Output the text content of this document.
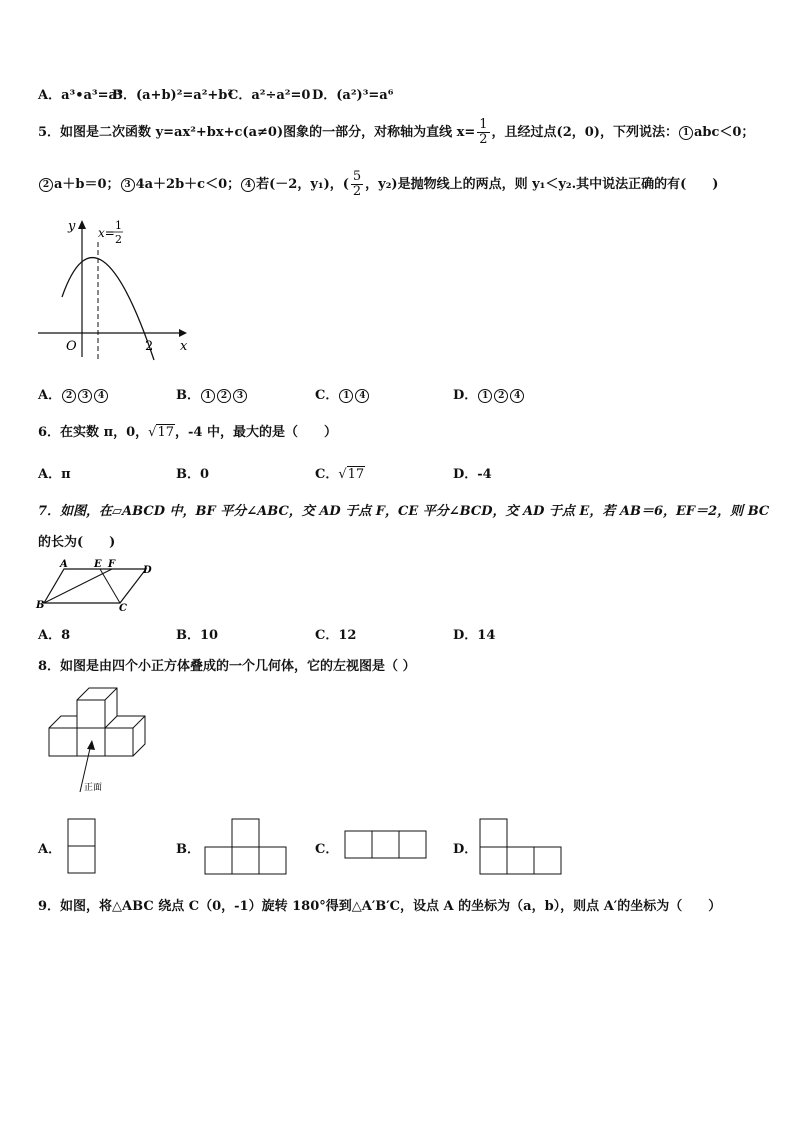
A．a³•a³=a⁹
B．(a+b)²=a²+b²
C．a²÷a²=0 D．(a²)³=a⁶
5．如图是二次函数 y=ax²+bx+c(a≠0)图象的一部分，对称轴为直线 $x= \frac{1}{2}$ ，且经过点(2，0)，下列说法： 1 abc＜0；
2 a＋b＝0； 3 4a＋2b＋c＜0； 4 若(－2，y₁)，( $\frac{5}{2}$ ，y₂)是抛物线上的两点，则 y₁＜y₂.其中说法正确的有(　　)
y
x
O	2
x=
1
2
A． 2 3 4	B． 1 2 3	C． 1 4	D． 1 2 4
6．在实数 π，0，√17，-4 中，最大的是（　　）
A．π	B．0	C．√17	D．-4
7．如图，在▱ABCD 中，BF 平分∠ABC，交 AD 于点 F，CE 平分∠BCD，交 AD 于点 E，若 AB＝6，EF＝2，则 BC
的长为(　　)
A	E F
D
B	C
A．8	B．10	C．12	D．14
8．如图是由四个小正方体叠成的一个几何体，它的左视图是（ ）
正面
A．	B．	C．	D．
9．如图，将△ABC 绕点 C（0，-1）旋转 180°得到△A′B′C，设点 A 的坐标为（a，b），则点 A′的坐标为（　　）
